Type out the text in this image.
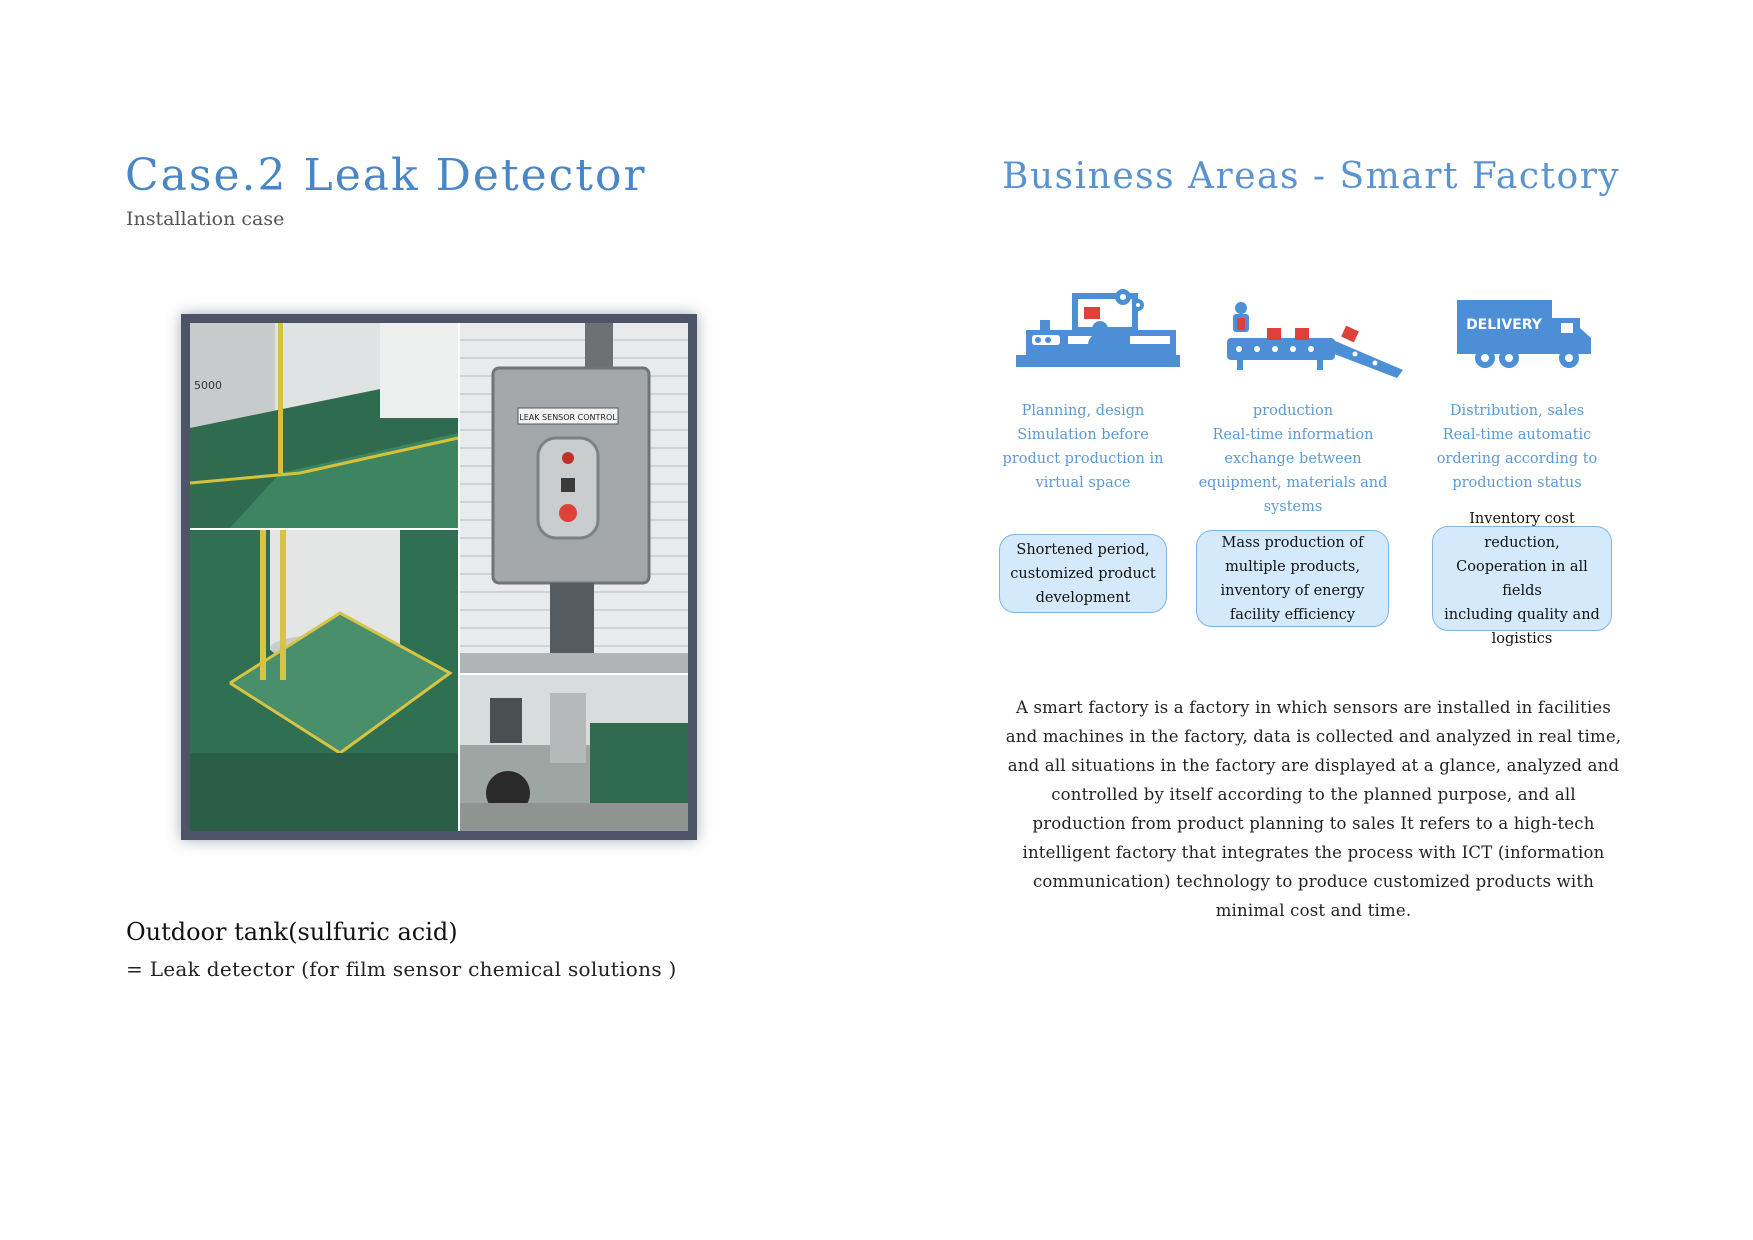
Case.2 Leak Detector
Installation case
5000
LEAK SENSOR CONTROL
Outdoor tank(sulfuric acid)
= Leak detector (for film sensor chemical solutions )
Business Areas - Smart Factory
DELIVERY
Planning, design
Simulation before
product production in
virtual space
production
Real-time information
exchange between
equipment, materials and
systems
Distribution, sales
Real-time automatic
ordering according to
production status
Shortened period,
customized product
development
Mass production of
multiple products,
inventory of energy
facility efficiency
Inventory cost reduction,
Cooperation in all fields
including quality and
logistics
A smart factory is a factory in which sensors are installed in facilities and machines in the factory, data is collected and analyzed in real time, and all situations in the factory are displayed at a glance, analyzed and controlled by itself according to the planned purpose, and all production from product planning to sales It refers to a high-tech intelligent factory that integrates the process with ICT (information communication) technology to produce customized products with minimal cost and time.
